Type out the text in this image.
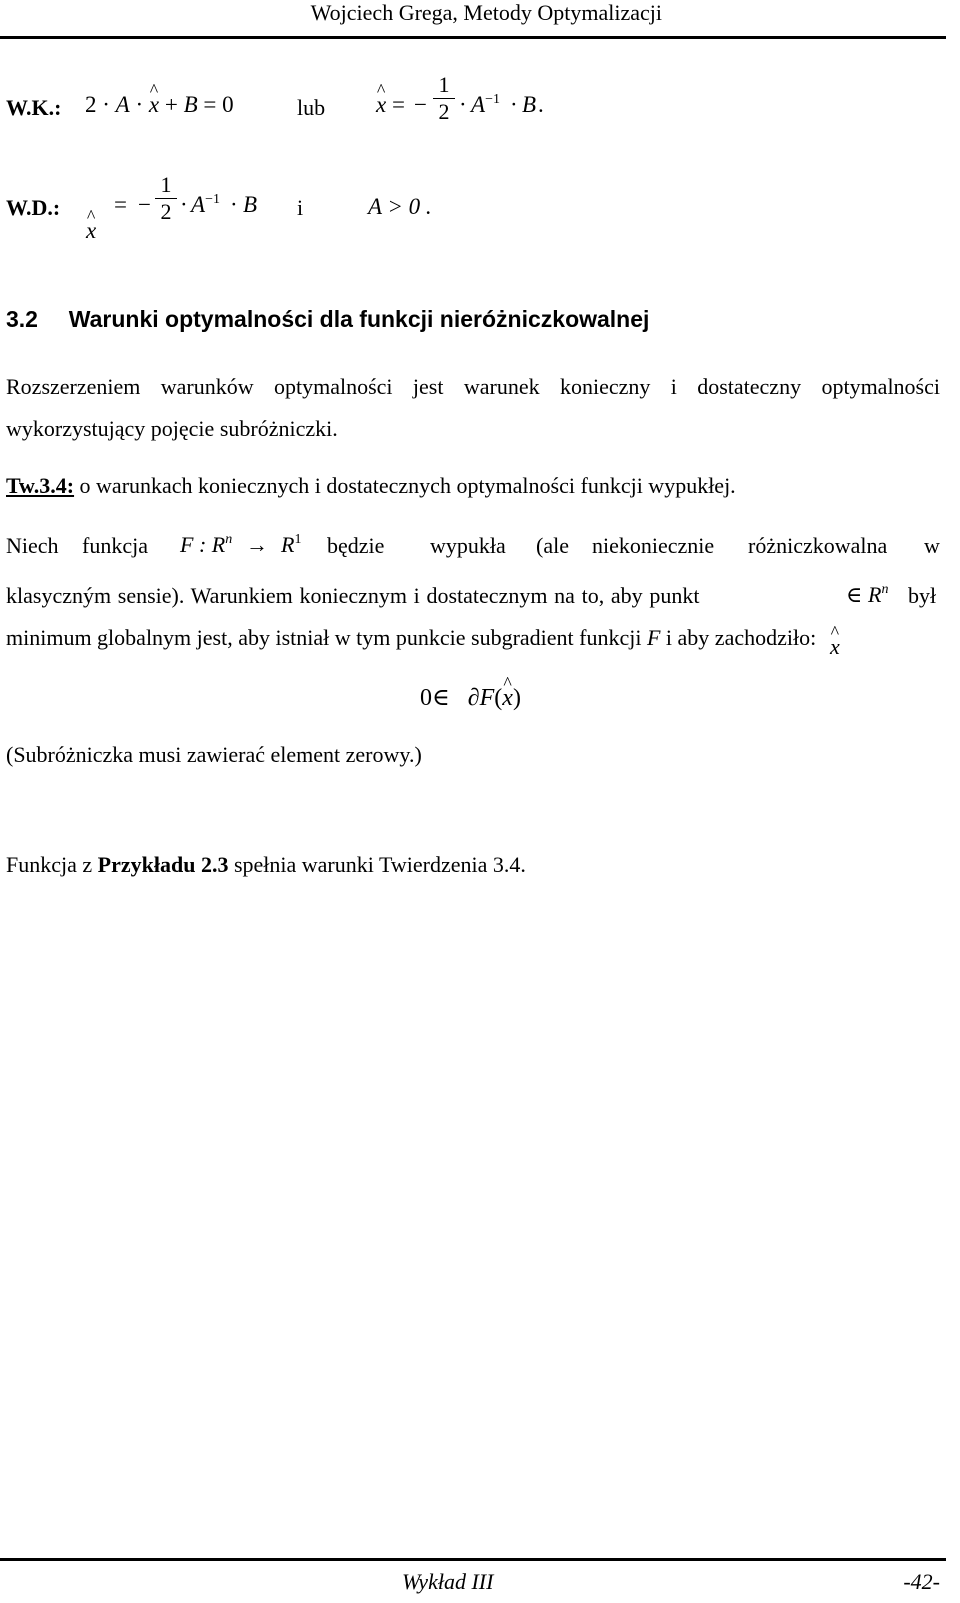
Wojciech Grega, Metody Optymalizacji
W.K.: 2 · A · x ^ + B = 0	lub x ^ = −
1
$2 \cdot A^{-1} \cdot B$ .
W.D.:
x ^
= −
1
$2 \cdot A^{-1} \cdot B$ i	A > 0 .
3.2 Warunki optymalności dla funkcji nieróżniczkowalnej
Rozszerzeniem warunków optymalności jest warunek konieczny i dostateczny optymalności
wykorzystujący pojęcie subróżniczki.
Tw.3.4: o warunkach koniecznych i dostatecznych optymalności funkcji wypukłej.
Niech funkcja F : $R^n \to R^1$ będzie wypukła (ale niekoniecznie różniczkowalna w
klasyczným sensie). Warunkiem koniecznym i dostatecznym na to, aby punkt
x ^
∈ $R^n$ był
minimum globalnym jest, aby istniał w tym punkcie subgradient funkcji F i aby zachodziło:
0∈ ∂F(x ^)
(Subróżniczka musi zawierać element zerowy.)
Funkcja z Przykładu 2.3 spełnia warunki Twierdzenia 3.4.
Wykład III	-42-
